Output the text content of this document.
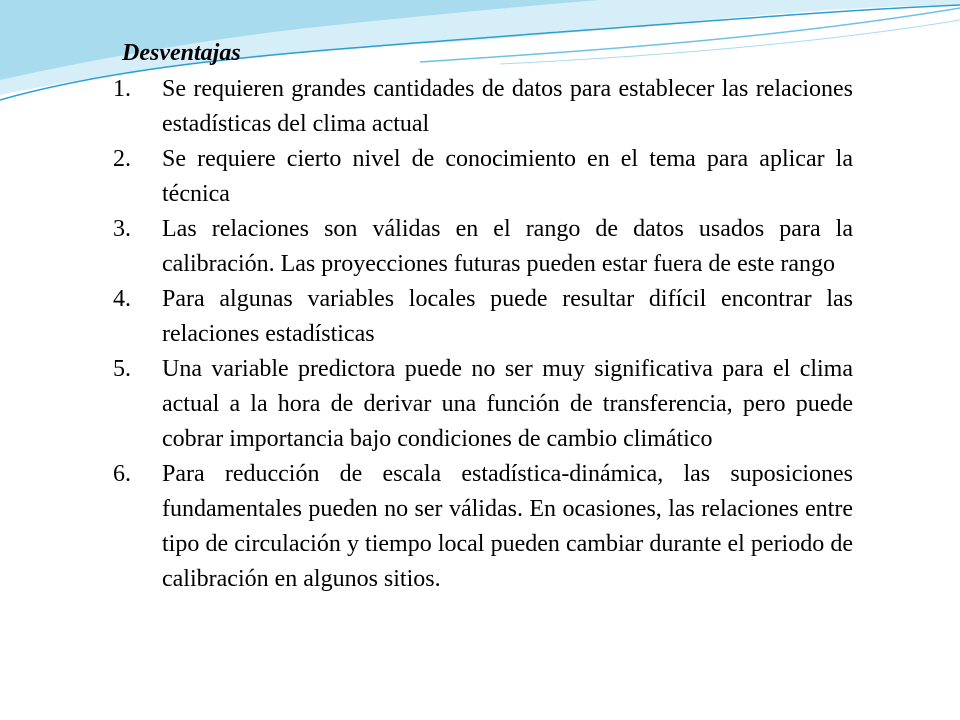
Desventajas
1.	Se requieren grandes cantidades de datos para establecer las relaciones estadísticas del clima actual
2.	Se requiere cierto nivel de conocimiento en el tema para aplicar la técnica
3.	Las relaciones son válidas en el rango de datos usados para la calibración. Las proyecciones futuras pueden estar fuera de este rango
4.	Para algunas variables locales puede resultar difícil encontrar las relaciones estadísticas
5.	Una variable predictora puede no ser muy significativa para el clima actual a la hora de derivar una función de transferencia, pero puede cobrar importancia bajo condiciones de cambio climático
6.	Para reducción de escala estadística-dinámica, las suposiciones fundamentales pueden no ser válidas. En ocasiones, las relaciones entre tipo de circulación y tiempo local pueden cambiar durante el periodo de calibración en algunos sitios.
